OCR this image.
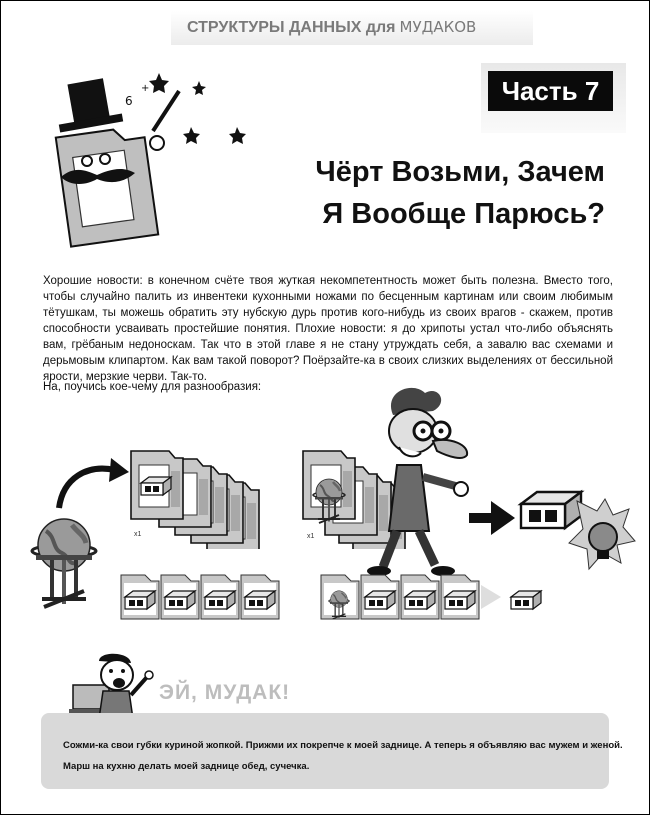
СТРУКТУРЫ ДАННЫХ для МУДАКОВ
6
+	Часть 7
Чёрт Возьми, Зачем
Я Вообще Парюсь?
Хорошие новости: в конечном счёте твоя жуткая некомпетентность может быть полезна. Вместо того, чтобы случайно палить из инвентеки кухонными ножами по бесценным картинам или своим любимым тётушкам, ты можешь обратить эту нубскую дурь против кого-нибудь из своих врагов - скажем, против способности усваивать простейшие понятия. Плохие новости: я до хрипоты устал что-либо объяснять вам, грёбаным недоноскам. Так что в этой главе я не стану утруждать себя, а завалю вас схемами и дерьмовым клипартом. Как вам такой поворот? Поёрзайте-ка в своих слизких выделениях от бессильной ярости, мерзкие черви. Так-то.
На, поучись кое-чему для разнообразия:
x1
кампьютер
x1
ЭЙ, МУДАК!
Сожми-ка свои губки куриной жопкой. Прижми их покрепче к моей заднице. А теперь я объявляю вас мужем и женой.
Марш на кухню делать моей заднице обед, сучечка.
